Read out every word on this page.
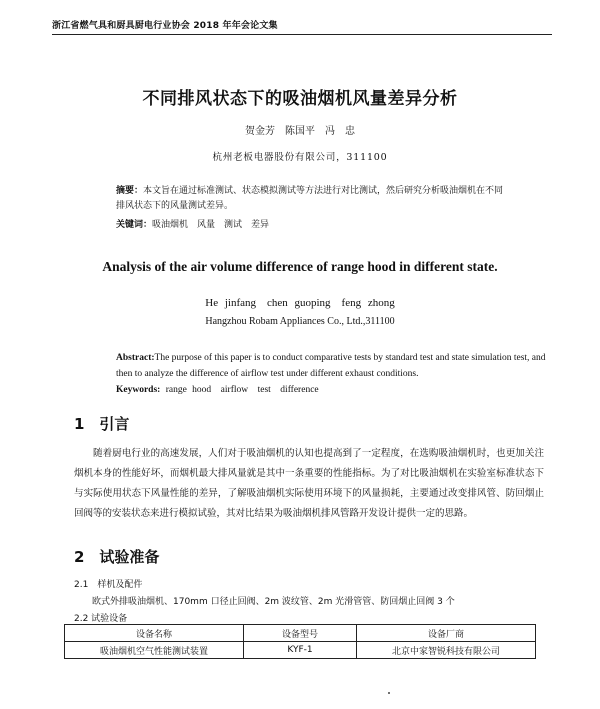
浙江省燃气具和厨具厨电行业协会 2018 年年会论文集
不同排风状态下的吸油烟机风量差异分析
贺金芳　陈国平　冯　忠
杭州老板电器股份有限公司，311100
摘要：本文旨在通过标准测试、状态模拟测试等方法进行对比测试，然后研究分析吸油烟机在不同排风状态下的风量测试差异。
关键词：吸油烟机　风量　测试　差异
Analysis of the air volume difference of range hood in different state.
He jinfang　chen guoping　feng zhong
Hangzhou Robam Appliances Co., Ltd.,311100
Abstract:The purpose of this paper is to conduct comparative tests by standard test and state simulation test, and then to analyze the difference of airflow test under different exhaust conditions.
Keywords: range hood　airflow　test　difference
1　引言
随着厨电行业的高速发展，人们对于吸油烟机的认知也提高到了一定程度，在选购吸油烟机时，也更加关注烟机本身的性能好坏，而烟机最大排风量就是其中一条重要的性能指标。为了对比吸油烟机在实验室标准状态下与实际使用状态下风量性能的差异，了解吸油烟机实际使用环境下的风量损耗，主要通过改变排风管、防回烟止回阀等的安装状态来进行模拟试验，其对比结果为吸油烟机排风管路开发设计提供一定的思路。
2　试验准备
2.1　样机及配件
欧式外排吸油烟机、170mm 口径止回阀、2m 波纹管、2m 光滑管管、防回烟止回阀 3 个
2.2 试验设备
设备名称	设备型号	设备厂商
吸油烟机空气性能测试装置	KYF-1	北京中家智锐科技有限公司
